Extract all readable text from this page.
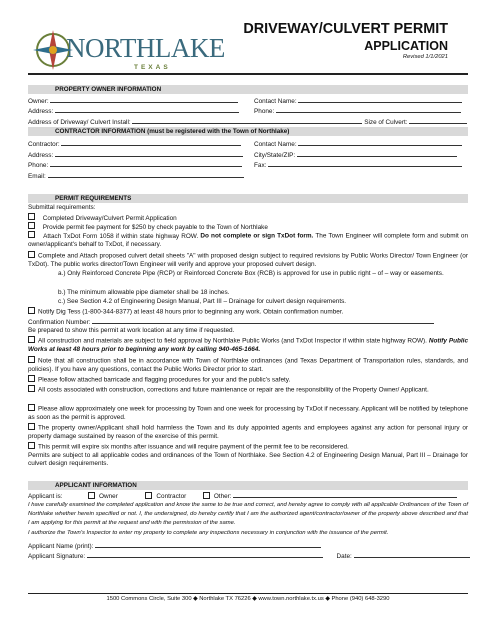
NORTHLAKE
TEXAS
DRIVEWAY/CULVERT PERMIT
APPLICATION
Revised 1/1/2021
PROPERTY OWNER INFORMATION
Owner:	Contact Name:
Address:	Phone:
Address of Driveway/ Culvert Install:	Size of Culvert:
CONTRACTOR INFORMATION (must be registered with the Town of Northlake)
Contractor:	Contact Name:
Address:	City/State/ZIP:
Phone:	Fax:
Email:
PERMIT REQUIREMENTS
Submittal requirements:
Completed Driveway/Culvert Permit Application
Provide permit fee payment for $250 by check payable to the Town of Northlake
Attach TxDot Form 1058 if within state highway ROW. Do not complete or sign TxDot form. The Town Engineer will complete form and submit on owner/applicant's behalf to TxDot, if necessary.
Complete and Attach proposed culvert detail sheets "A" with proposed design subject to required revisions by Public Works Director/ Town Engineer (or TxDot). The public works director/Town Engineer will verify and approve your proposed culvert design.
a.) Only Reinforced Concrete Pipe (RCP) or Reinforced Concrete Box (RCB) is approved for use in public right – of – way or easements.
b.) The minimum allowable pipe diameter shall be 18 inches.
c.) See Section 4.2 of Engineering Design Manual, Part III – Drainage for culvert design requirements.
Notify Dig Tess (1-800-344-8377) at least 48 hours prior to beginning any work. Obtain confirmation number.
Confirmation Number:
Be prepared to show this permit at work location at any time if requested.
All construction and materials are subject to field approval by Northlake Public Works (and TxDot Inspector if within state highway ROW). Notify Public Works at least 48 hours prior to beginning any work by calling 940-465-1664.
Note that all construction shall be in accordance with Town of Northlake ordinances (and Texas Department of Transportation rules, standards, and policies). If you have any questions, contact the Public Works Director prior to start.
Please follow attached barricade and flagging procedures for your and the public's safety.
All costs associated with construction, corrections and future maintenance or repair are the responsibility of the Property Owner/ Applicant.
Please allow approximately one week for processing by Town and one week for processing by TxDot if necessary. Applicant will be notified by telephone as soon as the permit is approved.
The property owner/Applicant shall hold harmless the Town and its duly appointed agents and employees against any action for personal injury or property damage sustained by reason of the exercise of this permit.
This permit will expire six months after issuance and will require payment of the permit fee to be reconsidered.
Permits are subject to all applicable codes and ordinances of the Town of Northlake. See Section 4.2 of Engineering Design Manual, Part III – Drainage for culvert design requirements.
APPLICANT INFORMATION
Applicant is:	Owner	Contractor	Other:
I have carefully examined the completed application and know the same to be true and correct, and hereby agree to comply with all applicable Ordinances of the Town of Northlake whether herein specified or not. I, the undersigned, do hereby certify that I am the authorized agent/contractor/owner of the property above described and that I am applying for this permit at the request and with the permission of the same.
I authorize the Town's Inspector to enter my property to complete any inspections necessary in conjunction with the issuance of the permit.
Applicant Name (print):
Applicant Signature:	Date:
1500 Commons Circle, Suite 300 ◆ Northlake TX 76226 ◆ www.town.northlake.tx.us ◆ Phone (940) 648-3290
